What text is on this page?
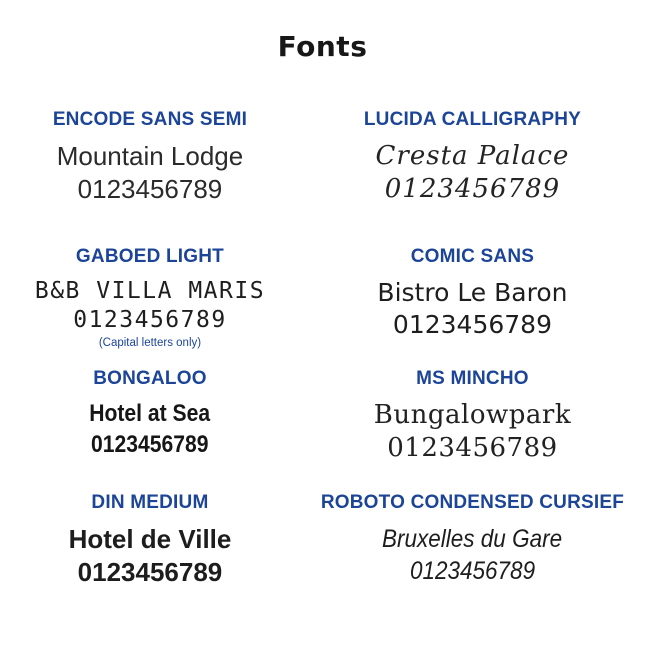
Fonts
ENCODE SANS SEMI
Mountain Lodge
0123456789
LUCIDA CALLIGRAPHY
Cresta Palace
0123456789
GABOED LIGHT
B&B VILLA MARIS
0123456789
(Capital letters only)
COMIC SANS
Bistro Le Baron
0123456789
BONGALOO
Hotel at Sea
0123456789
MS MINCHO
Bungalowpark
0123456789
DIN MEDIUM
Hotel de Ville
0123456789
ROBOTO CONDENSED CURSIEF
Bruxelles du Gare
0123456789
